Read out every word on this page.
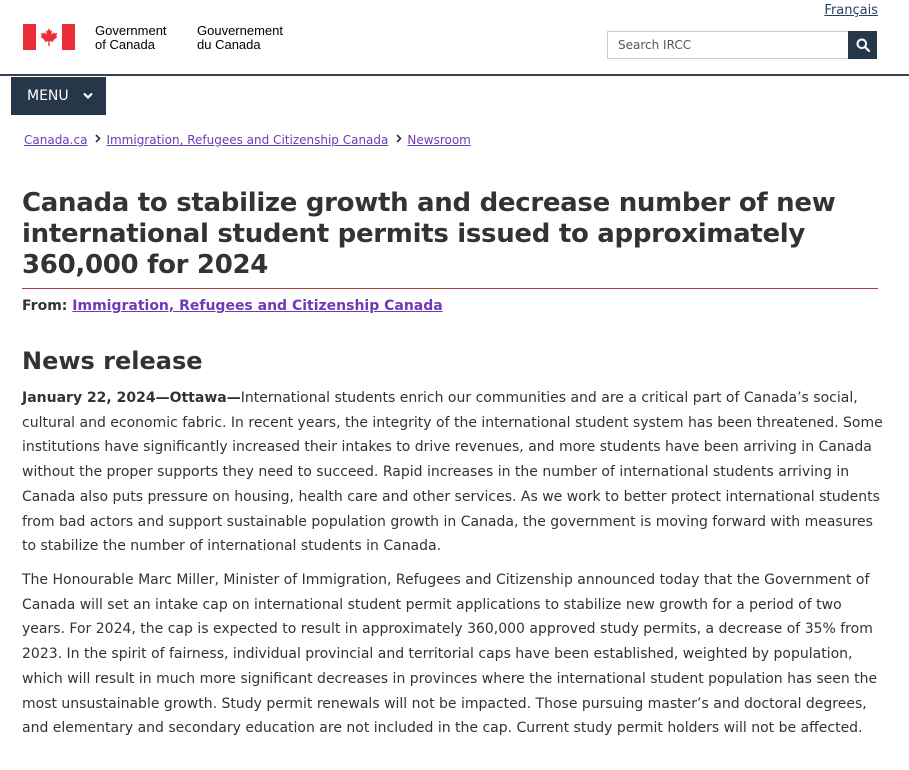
Français
Government
of Canada
Gouvernement
du Canada
Search IRCC
MENU
Canada.ca Immigration, Refugees and Citizenship Canada Newsroom
Canada to stabilize growth and decrease number of new international student permits issued to approximately 360,000 for 2024
From: Immigration, Refugees and Citizenship Canada
News release

January 22, 2024—Ottawa—International students enrich our communities and are a critical part of Canada’s social, cultural and economic fabric. In recent years, the integrity of the international student system has been threatened. Some institutions have significantly increased their intakes to drive revenues, and more students have been arriving in Canada without the proper supports they need to succeed. Rapid increases in the number of international students arriving in Canada also puts pressure on housing, health care and other services. As we work to better protect international students from bad actors and support sustainable population growth in Canada, the government is moving forward with measures to stabilize the number of international students in Canada.

The Honourable Marc Miller, Minister of Immigration, Refugees and Citizenship announced today that the Government of Canada will set an intake cap on international student permit applications to stabilize new growth for a period of two years. For 2024, the cap is expected to result in approximately 360,000 approved study permits, a decrease of 35% from 2023. In the spirit of fairness, individual provincial and territorial caps have been established, weighted by population, which will result in much more significant decreases in provinces where the international student population has seen the most unsustainable growth. Study permit renewals will not be impacted. Those pursuing master’s and doctoral degrees, and elementary and secondary education are not included in the cap. Current study permit holders will not be affected.
